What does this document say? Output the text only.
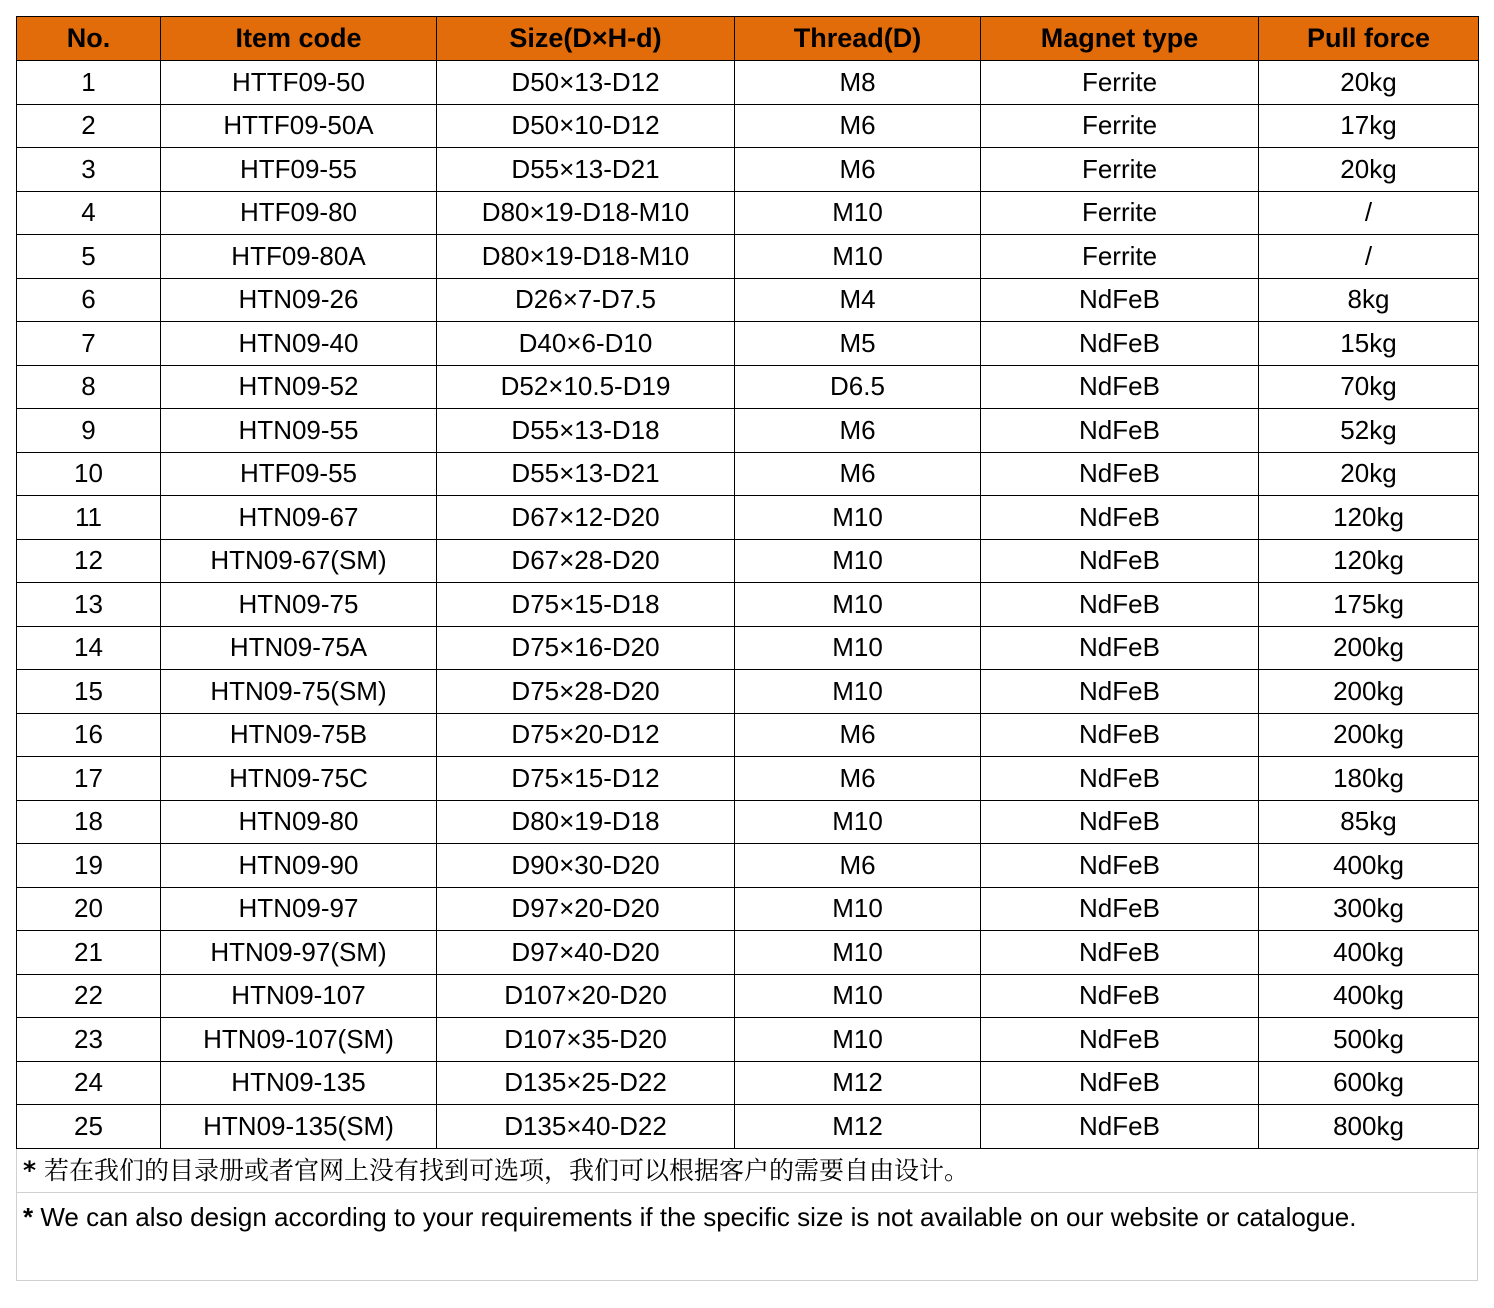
No.	Item code	Size(D×H-d)	Thread(D)	Magnet type	Pull force
1	HTTF09-50	D50×13-D12	M8	Ferrite	20kg
2	HTTF09-50A	D50×10-D12	M6	Ferrite	17kg
3	HTF09-55	D55×13-D21	M6	Ferrite	20kg
4	HTF09-80	D80×19-D18-M10	M10	Ferrite	/
5	HTF09-80A	D80×19-D18-M10	M10	Ferrite	/
6	HTN09-26	D26×7-D7.5	M4	NdFeB	8kg
7	HTN09-40	D40×6-D10	M5	NdFeB	15kg
8	HTN09-52	D52×10.5-D19	D6.5	NdFeB	70kg
9	HTN09-55	D55×13-D18	M6	NdFeB	52kg
10	HTF09-55	D55×13-D21	M6	NdFeB	20kg
11	HTN09-67	D67×12-D20	M10	NdFeB	120kg
12	HTN09-67(SM)	D67×28-D20	M10	NdFeB	120kg
13	HTN09-75	D75×15-D18	M10	NdFeB	175kg
14	HTN09-75A	D75×16-D20	M10	NdFeB	200kg
15	HTN09-75(SM)	D75×28-D20	M10	NdFeB	200kg
16	HTN09-75B	D75×20-D12	M6	NdFeB	200kg
17	HTN09-75C	D75×15-D12	M6	NdFeB	180kg
18	HTN09-80	D80×19-D18	M10	NdFeB	85kg
19	HTN09-90	D90×30-D20	M6	NdFeB	400kg
20	HTN09-97	D97×20-D20	M10	NdFeB	300kg
21	HTN09-97(SM)	D97×40-D20	M10	NdFeB	400kg
22	HTN09-107	D107×20-D20	M10	NdFeB	400kg
23	HTN09-107(SM)	D107×35-D20	M10	NdFeB	500kg
24	HTN09-135	D135×25-D22	M12	NdFeB	600kg
25	HTN09-135(SM)	D135×40-D22	M12	NdFeB	800kg
* 若在我们的目录册或者官网上没有找到可选项，我们可以根据客户的需要自由设计。
* We can also design according to your requirements if the specific size is not available on our website or catalogue.
